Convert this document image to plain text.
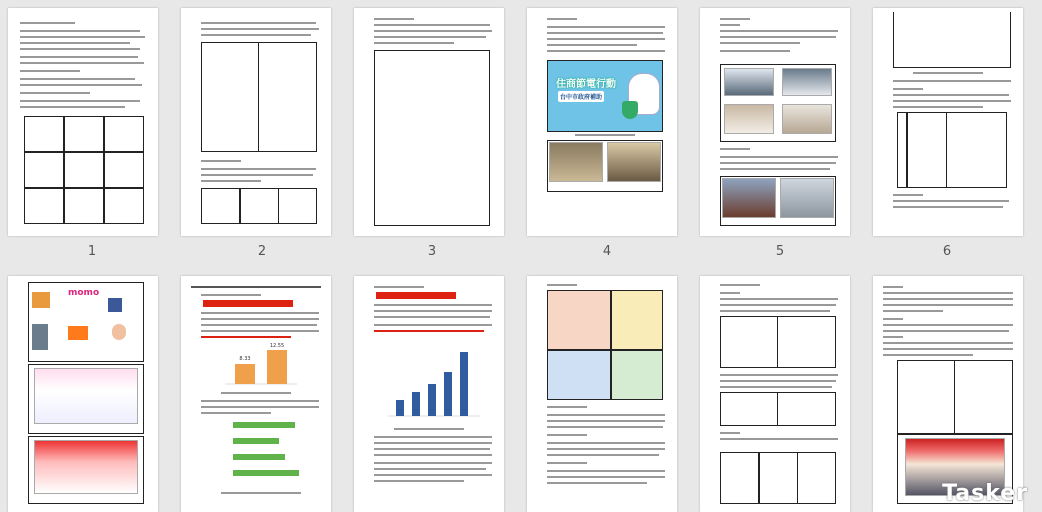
住商節電行動
台中市政府補助
1	2	3	4	5	6
momo
8.33
12.55
Tasker
